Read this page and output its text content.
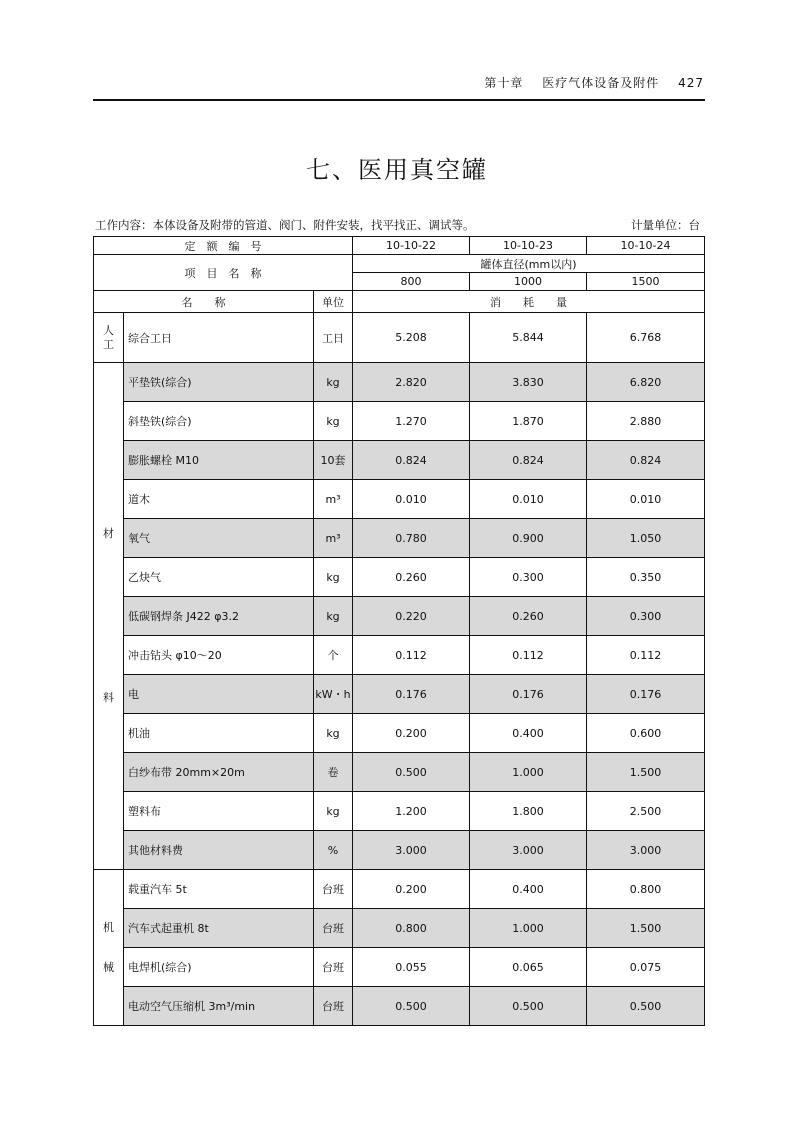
第十章 医疗气体设备及附件 427
七、医用真空罐
工作内容：本体设备及附带的管道、阀门、附件安装，找平找正、调试等。	计量单位：台
定　额　编　号			10-10-22	10-10-23	10-10-24
项　目　名　称			罐体直径(mm以内)		
			800	1000	1500
名　　称		单位	消　　耗　　量		

人
工	综合工日	工日	5.208	5.844	6.768

材
料	平垫铁(综合)	kg	2.820	3.830	6.820
	斜垫铁(综合)	kg	1.270	1.870	2.880
	膨胀螺栓 M10	10套	0.824	0.824	0.824
	道木	m³	0.010	0.010	0.010
	氧气	m³	0.780	0.900	1.050
	乙炔气	kg	0.260	0.300	0.350
	低碳钢焊条 J422 φ3.2	kg	0.220	0.260	0.300
	冲击钻头 φ10～20	个	0.112	0.112	0.112
	电	kW・h	0.176	0.176	0.176
	机油	kg	0.200	0.400	0.600
	白纱布带 20mm×20m	卷	0.500	1.000	1.500
	塑料布	kg	1.200	1.800	2.500
	其他材料费	%	3.000	3.000	3.000

机
械	载重汽车 5t	台班	0.200	0.400	0.800
	汽车式起重机 8t	台班	0.800	1.000	1.500
	电焊机(综合)	台班	0.055	0.065	0.075
	电动空气压缩机 3m³/min	台班	0.500	0.500	0.500
